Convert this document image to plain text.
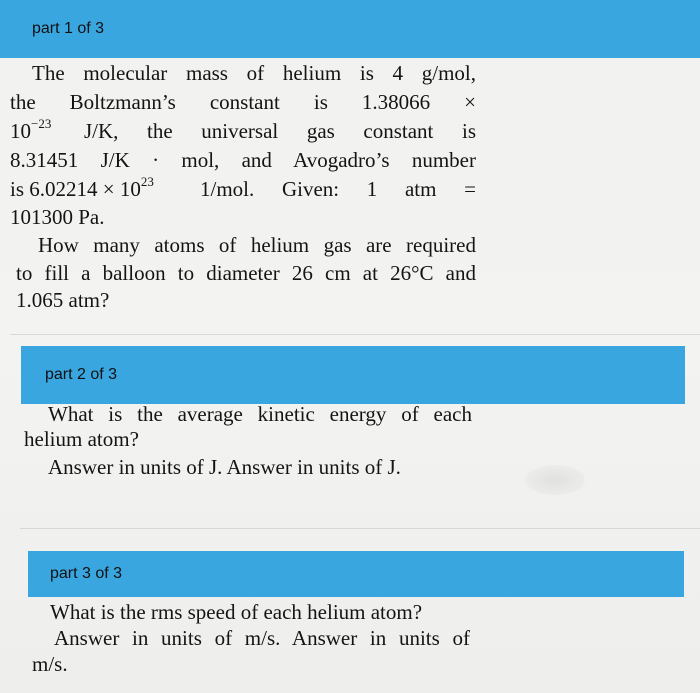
part 1 of 3
The molecular mass of helium is 4 g/mol,
the Boltzmann’s constant is 1.38066 ×
$10^{-23}$ J/K, the universal gas constant is
8.31451 J/K · mol, and Avogadro’s number
is $6.02214 \times 10^{23}$ 1/mol. Given: 1 atm =
101300 Pa.
How many atoms of helium gas are required
to fill a balloon to diameter 26 cm at 26°C and
1.065 atm?
part 2 of 3
What is the average kinetic energy of each
helium atom?
Answer in units of J. Answer in units of J.
part 3 of 3
What is the rms speed of each helium atom?
Answer in units of m/s. Answer in units of
m/s.
